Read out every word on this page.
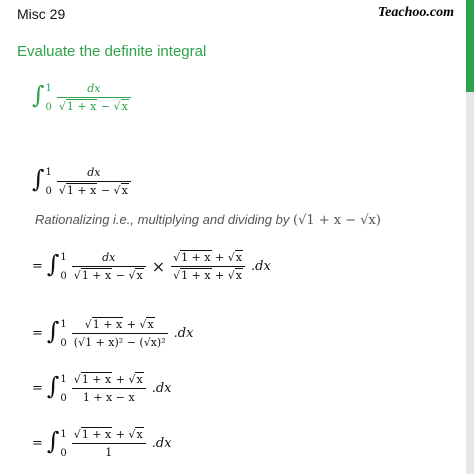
Misc 29	Teachoo.com
Evaluate the definite integral
∫ 1
$0 \frac{dx}{√1 + x - √x}$
∫ 1
$0 \frac{dx}{√1 + x - √x}$
Rationalizing i.e., multiplying and dividing by (√1 + x − √x)
= ∫ 1
$0 \frac{dx}{√1 + x - √x} \times \frac{√1 + x + √x}{√1 + x + √x} .dx$
= ∫ 1
$0 \frac{√1 + x + √x}{\text{(√1 + x)² − (√x)²}} .dx$
= ∫ 1
$0 \frac{√1 + x + √x}{1 + x - x} .dx$
= ∫ 1
$0 \frac{√1 + x + √x}{1} .dx$
